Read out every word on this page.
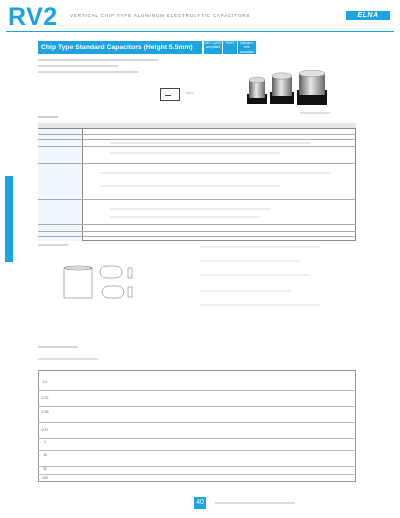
RV2	VERTICAL CHIP TYPE ALUMINUM ELECTROLYTIC CAPACITORS	ELNA
Chip Type Standard Capacitors (Height 5.5mm)
AEC-Q200 compliant
RoHS	Halogen-free compliant
0.1
0.22
0.33
0.47
1
10
22
100
40
